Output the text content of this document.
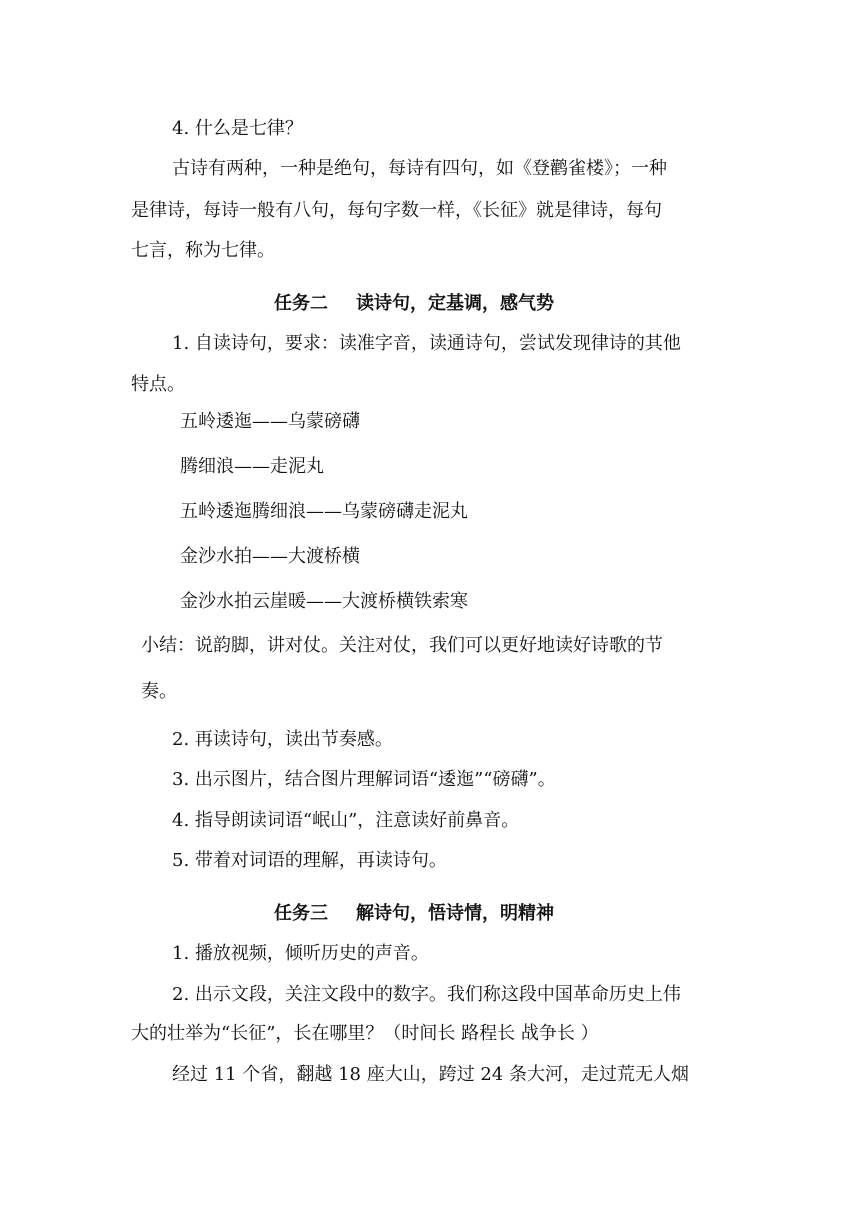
4. 什么是七律？
古诗有两种，一种是绝句，每诗有四句，如《登鹳雀楼》；一种
是律诗，每诗一般有八句，每句字数一样，《长征》就是律诗，每句
七言，称为七律。
任务二 读诗句，定基调，感气势
1. 自读诗句，要求：读准字音，读通诗句，尝试发现律诗的其他
特点。
五岭逶迤——乌蒙磅礴
腾细浪——走泥丸
五岭逶迤腾细浪——乌蒙磅礴走泥丸
金沙水拍——大渡桥横
金沙水拍云崖暖——大渡桥横铁索寒
小结：说韵脚，讲对仗。关注对仗，我们可以更好地读好诗歌的节
奏。
2. 再读诗句，读出节奏感。
3. 出示图片，结合图片理解词语“逶迤”“磅礴”。
4. 指导朗读词语“岷山”，注意读好前鼻音。
5. 带着对词语的理解，再读诗句。
任务三 解诗句，悟诗情，明精神
1. 播放视频，倾听历史的声音。
2. 出示文段，关注文段中的数字。我们称这段中国革命历史上伟
大的壮举为“长征”，长在哪里？（时间长 路程长 战争长 ）
经过 11 个省，翻越 18 座大山，跨过 24 条大河，走过荒无人烟
